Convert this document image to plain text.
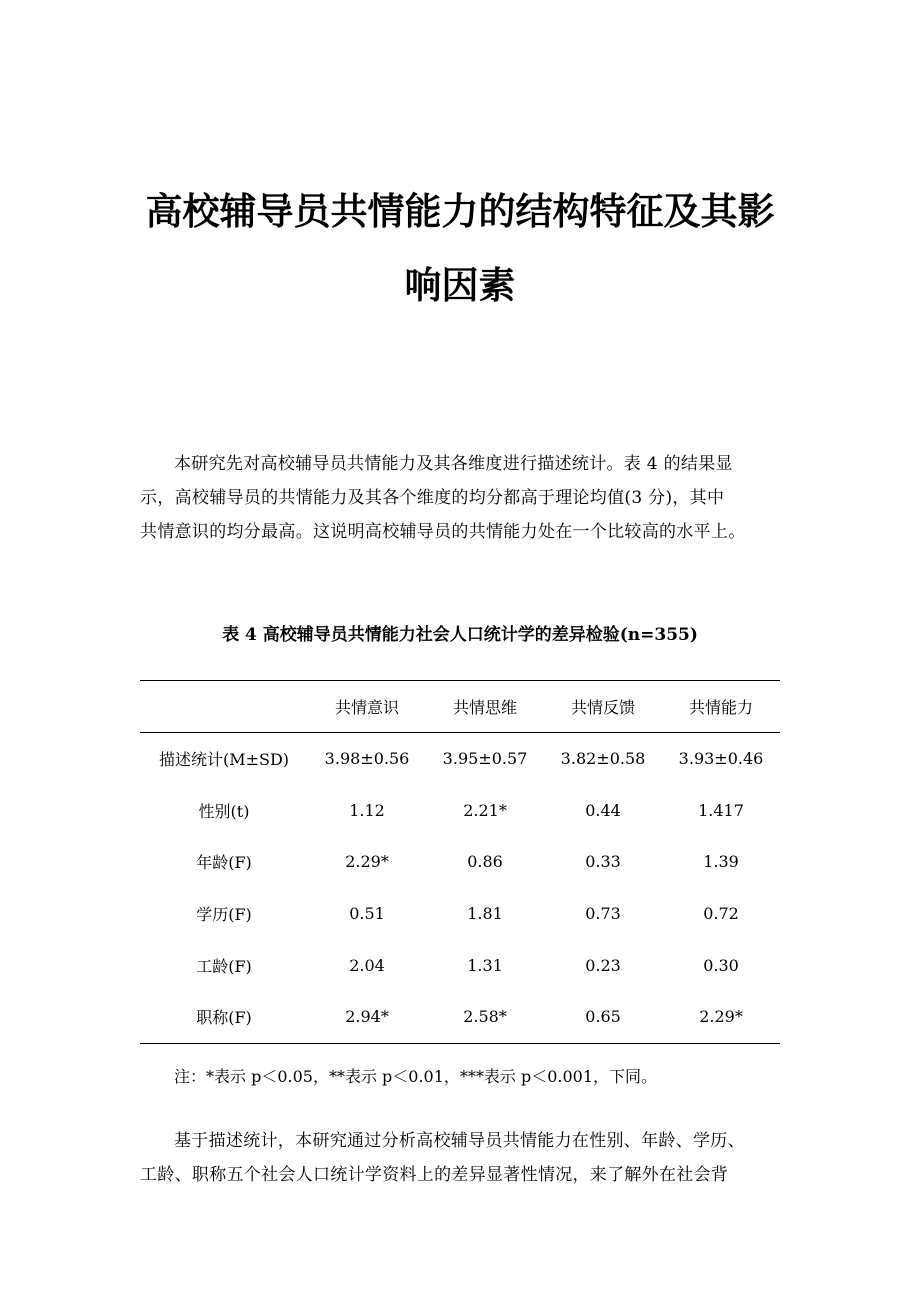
高校辅导员共情能力的结构特征及其影
响因素

本研究先对高校辅导员共情能力及其各维度进行描述统计。表 4 的结果显
示，高校辅导员的共情能力及其各个维度的均分都高于理论均值(3 分)，其中
共情意识的均分最高。这说明高校辅导员的共情能力处在一个比较高的水平上。

表 4 高校辅导员共情能力社会人口统计学的差异检验(n=355)

	共情意识	共情思维	共情反馈	共情能力
描述统计(M±SD)	3.98±0.56	3.95±0.57	3.82±0.58	3.93±0.46
性别(t)	1.12	2.21*	0.44	1.417
年龄(F)	2.29*	0.86	0.33	1.39
学历(F)	0.51	1.81	0.73	0.72
工龄(F)	2.04	1.31	0.23	0.30
职称(F)	2.94*	2.58*	0.65	2.29*

注：*表示 p＜0.05，**表示 p＜0.01，***表示 p＜0.001，下同。

基于描述统计，本研究通过分析高校辅导员共情能力在性别、年龄、学历、
工龄、职称五个社会人口统计学资料上的差异显著性情况，来了解外在社会背
